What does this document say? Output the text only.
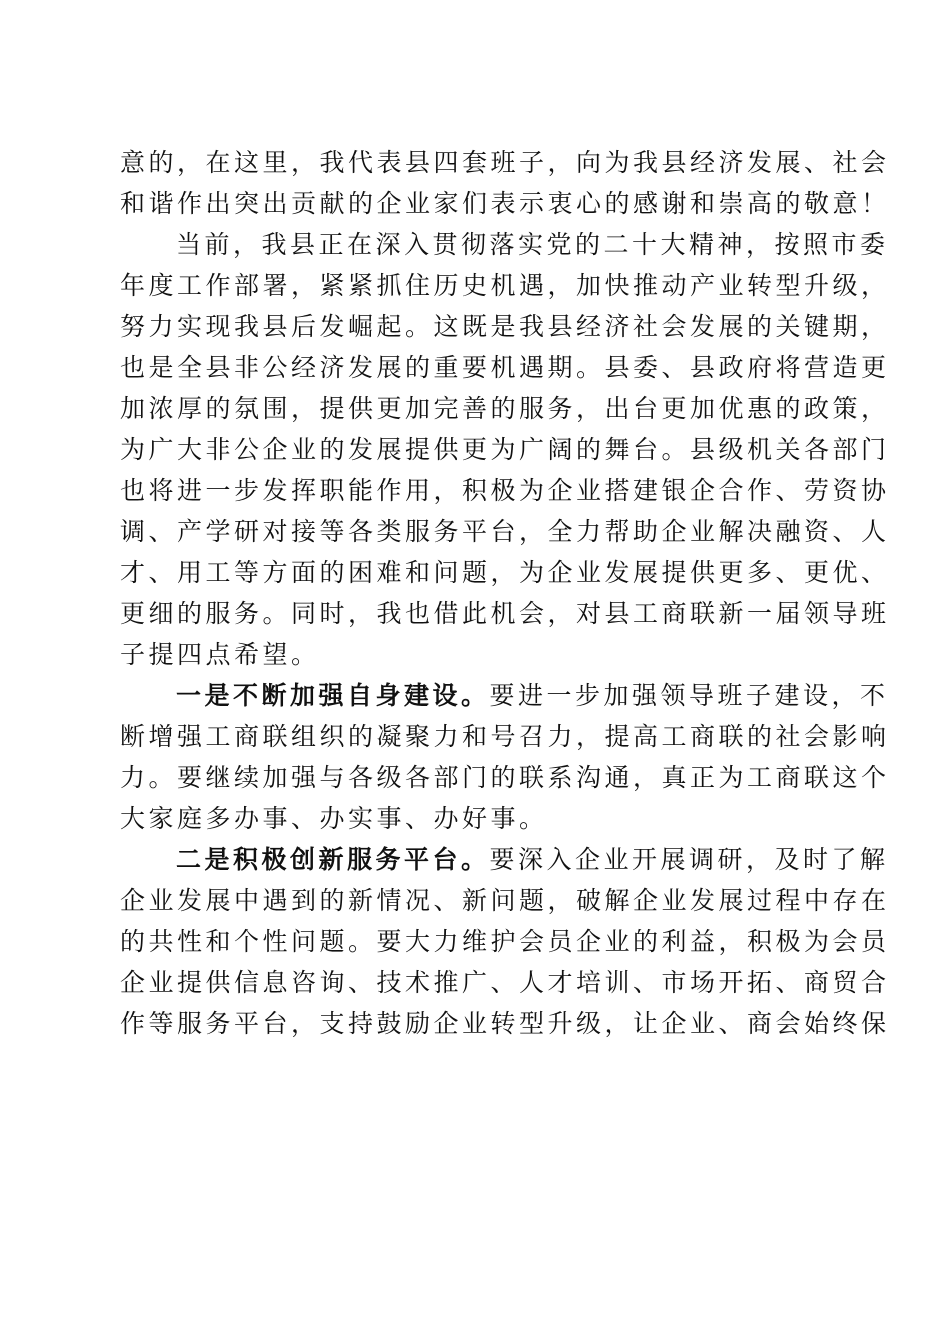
意的，在这里，我代表县四套班子，向为我县经济发展、社会
和谐作出突出贡献的企业家们表示衷心的感谢和崇高的敬意！
当前，我县正在深入贯彻落实党的二十大精神，按照市委
年度工作部署，紧紧抓住历史机遇，加快推动产业转型升级，
努力实现我县后发崛起。这既是我县经济社会发展的关键期，
也是全县非公经济发展的重要机遇期。县委、县政府将营造更
加浓厚的氛围，提供更加完善的服务，出台更加优惠的政策，
为广大非公企业的发展提供更为广阔的舞台。县级机关各部门
也将进一步发挥职能作用，积极为企业搭建银企合作、劳资协
调、产学研对接等各类服务平台，全力帮助企业解决融资、人
才、用工等方面的困难和问题，为企业发展提供更多、更优、
更细的服务。同时，我也借此机会，对县工商联新一届领导班
子提四点希望。
一是不断加强自身建设。要进一步加强领导班子建设，不
断增强工商联组织的凝聚力和号召力，提高工商联的社会影响
力。要继续加强与各级各部门的联系沟通，真正为工商联这个
大家庭多办事、办实事、办好事。
二是积极创新服务平台。要深入企业开展调研，及时了解
企业发展中遇到的新情况、新问题，破解企业发展过程中存在
的共性和个性问题。要大力维护会员企业的利益，积极为会员
企业提供信息咨询、技术推广、人才培训、市场开拓、商贸合
作等服务平台，支持鼓励企业转型升级，让企业、商会始终保
